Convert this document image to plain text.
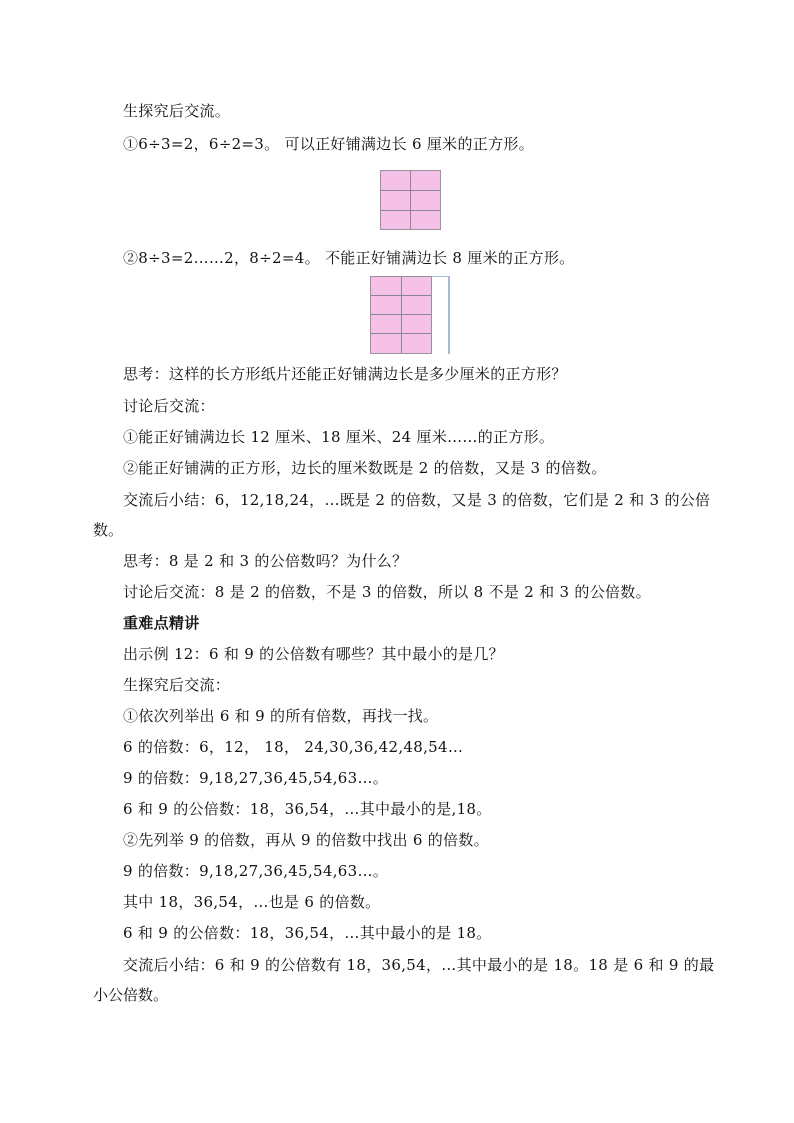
生探究后交流。
①6÷3=2，6÷2=3。 可以正好铺满边长 6 厘米的正方形。
②8÷3=2……2，8÷2=4。 不能正好铺满边长 8 厘米的正方形。
思考：这样的长方形纸片还能正好铺满边长是多少厘米的正方形？
讨论后交流：
①能正好铺满边长 12 厘米、18 厘米、24 厘米……的正方形。
②能正好铺满的正方形，边长的厘米数既是 2 的倍数，又是 3 的倍数。
交流后小结：6，12,18,24，…既是 2 的倍数，又是 3 的倍数，它们是 2 和 3 的公倍
数。
思考：8 是 2 和 3 的公倍数吗？为什么？
讨论后交流：8 是 2 的倍数，不是 3 的倍数，所以 8 不是 2 和 3 的公倍数。
重难点精讲
出示例 12：6 和 9 的公倍数有哪些？其中最小的是几？
生探究后交流：
①依次列举出 6 和 9 的所有倍数，再找一找。
6 的倍数：6，12， 18， 24,30,36,42,48,54…
9 的倍数：9,18,27,36,45,54,63…。
6 和 9 的公倍数：18，36,54，…其中最小的是,18。
②先列举 9 的倍数，再从 9 的倍数中找出 6 的倍数。
9 的倍数：9,18,27,36,45,54,63…。
其中 18，36,54，…也是 6 的倍数。
6 和 9 的公倍数：18，36,54，…其中最小的是 18。
交流后小结：6 和 9 的公倍数有 18，36,54，…其中最小的是 18。18 是 6 和 9 的最
小公倍数。
